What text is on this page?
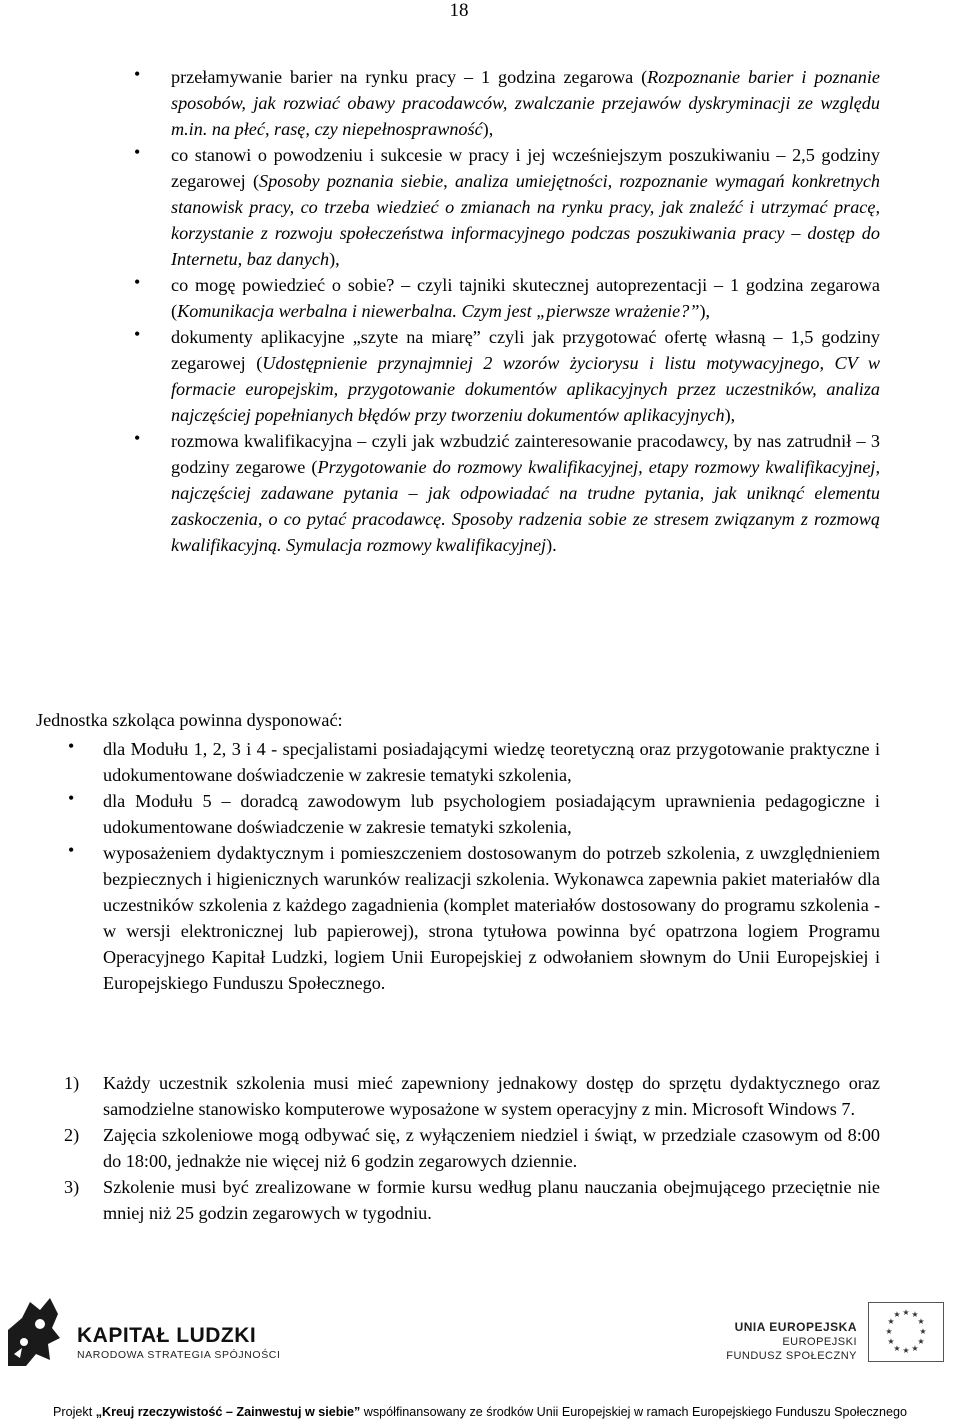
18
• przełamywanie barier na rynku pracy – 1 godzina zegarowa (Rozpoznanie barier i poznanie sposobów, jak rozwiać obawy pracodawców, zwalczanie przejawów dyskryminacji ze względu m.in. na płeć, rasę, czy niepełnosprawność),
• co stanowi o powodzeniu i sukcesie w pracy i jej wcześniejszym poszukiwaniu – 2,5 godziny zegarowej (Sposoby poznania siebie, analiza umiejętności, rozpoznanie wymagań konkretnych stanowisk pracy, co trzeba wiedzieć o zmianach na rynku pracy, jak znaleźć i utrzymać pracę, korzystanie z rozwoju społeczeństwa informacyjnego podczas poszukiwania pracy – dostęp do Internetu, baz danych),
• co mogę powiedzieć o sobie? – czyli tajniki skutecznej autoprezentacji – 1 godzina zegarowa (Komunikacja werbalna i niewerbalna. Czym jest „pierwsze wrażenie?”),
• dokumenty aplikacyjne „szyte na miarę” czyli jak przygotować ofertę własną – 1,5 godziny zegarowej (Udostępnienie przynajmniej 2 wzorów życiorysu i listu motywacyjnego, CV w formacie europejskim, przygotowanie dokumentów aplikacyjnych przez uczestników, analiza najczęściej popełnianych błędów przy tworzeniu dokumentów aplikacyjnych),
• rozmowa kwalifikacyjna – czyli jak wzbudzić zainteresowanie pracodawcy, by nas zatrudnił – 3 godziny zegarowe (Przygotowanie do rozmowy kwalifikacyjnej, etapy rozmowy kwalifikacyjnej, najczęściej zadawane pytania – jak odpowiadać na trudne pytania, jak uniknąć elementu zaskoczenia, o co pytać pracodawcę. Sposoby radzenia sobie ze stresem związanym z rozmową kwalifikacyjną. Symulacja rozmowy kwalifikacyjnej).
Jednostka szkoląca powinna dysponować:
• dla Modułu 1, 2, 3 i 4 - specjalistami posiadającymi wiedzę teoretyczną oraz przygotowanie praktyczne i udokumentowane doświadczenie w zakresie tematyki szkolenia,
• dla Modułu 5 – doradcą zawodowym lub psychologiem posiadającym uprawnienia pedagogiczne i udokumentowane doświadczenie w zakresie tematyki szkolenia,
• wyposażeniem dydaktycznym i pomieszczeniem dostosowanym do potrzeb szkolenia, z uwzględnieniem bezpiecznych i higienicznych warunków realizacji szkolenia. Wykonawca zapewnia pakiet materiałów dla uczestników szkolenia z każdego zagadnienia (komplet materiałów dostosowany do programu szkolenia - w wersji elektronicznej lub papierowej), strona tytułowa powinna być opatrzona logiem Programu Operacyjnego Kapitał Ludzki, logiem Unii Europejskiej z odwołaniem słownym do Unii Europejskiej i Europejskiego Funduszu Społecznego.
1) Każdy uczestnik szkolenia musi mieć zapewniony jednakowy dostęp do sprzętu dydaktycznego oraz samodzielne stanowisko komputerowe wyposażone w system operacyjny z min. Microsoft Windows 7.
2) Zajęcia szkoleniowe mogą odbywać się, z wyłączeniem niedziel i świąt, w przedziale czasowym od 8:00 do 18:00, jednakże nie więcej niż 6 godzin zegarowych dziennie.
3) Szkolenie musi być zrealizowane w formie kursu według planu nauczania obejmującego przeciętnie nie mniej niż 25 godzin zegarowych w tygodniu.
KAPITAŁ LUDZKI
NARODOWA STRATEGIA SPÓJNOŚCI
UNIA EUROPEJSKA
EUROPEJSKI
FUNDUSZ SPOŁECZNY
★ ★
★
★
★
★
★
★
★
★
★
★
Projekt „Kreuj rzeczywistość – Zainwestuj w siebie” współfinansowany ze środków Unii Europejskiej w ramach Europejskiego Funduszu Społecznego
